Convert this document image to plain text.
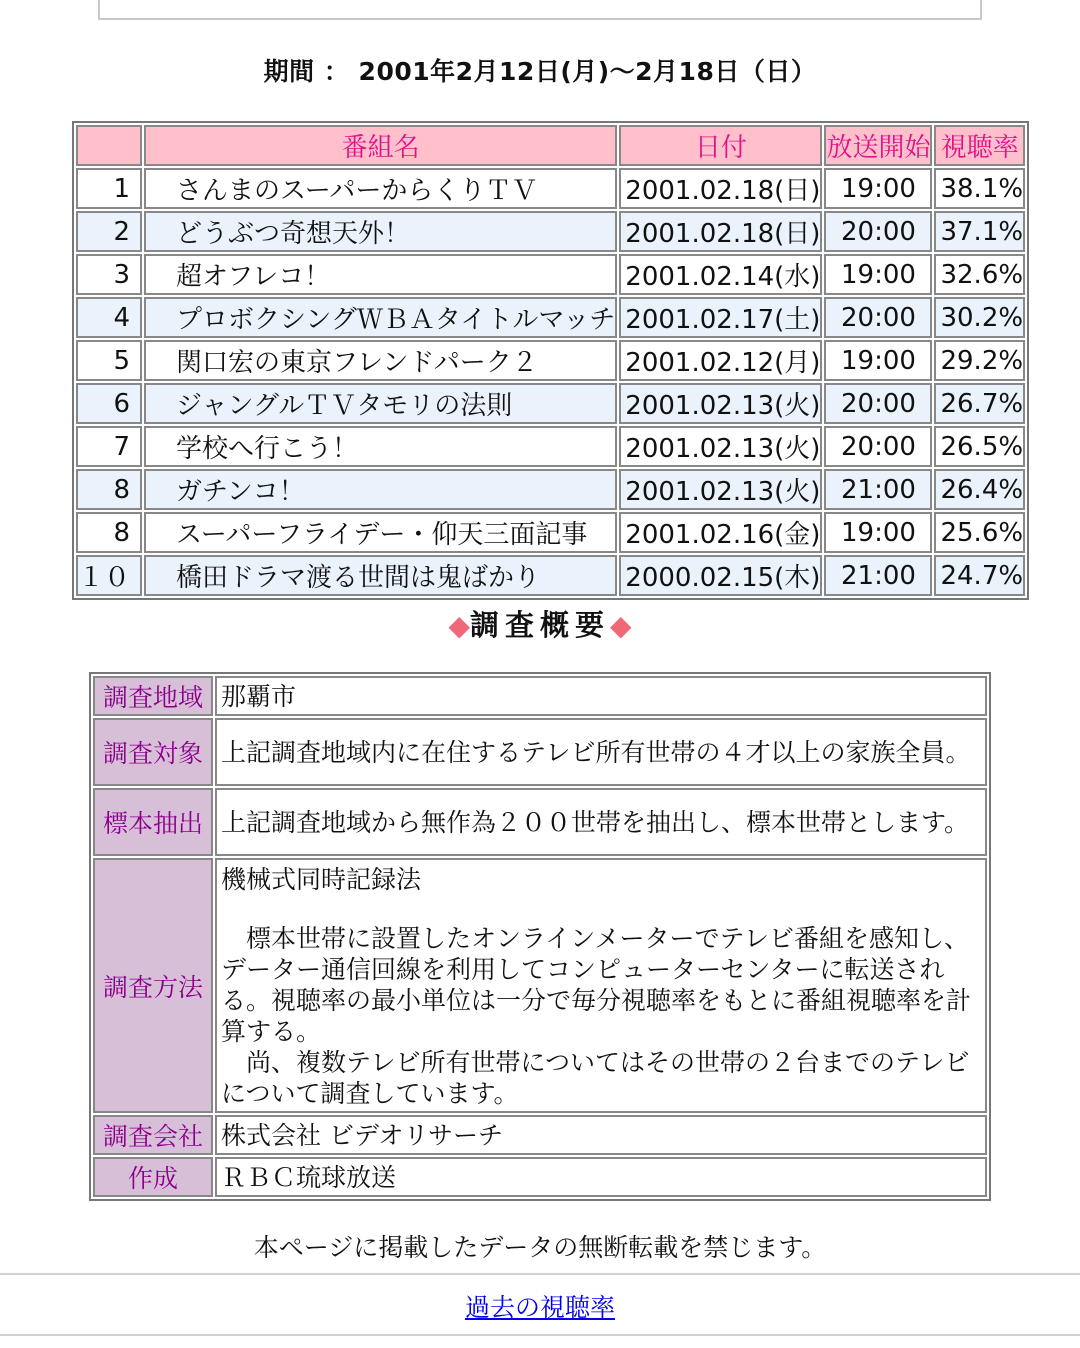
期間 ： 2001年2月12日(月)〜2月18日（日）
	番組名	日付	放送開始	視聴率
1	さんまのスーパーからくりＴＶ	2001.02.18(日)	19:00	38.1%
2	どうぶつ奇想天外！	2001.02.18(日)	20:00	37.1%
3	超オフレコ！	2001.02.14(水)	19:00	32.6%
4	プロボクシングＷＢＡタイトルマッチ	2001.02.17(土)	20:00	30.2%
5	関口宏の東京フレンドパーク２	2001.02.12(月)	19:00	29.2%
6	ジャングルＴＶタモリの法則	2001.02.13(火)	20:00	26.7%
7	学校へ行こう！	2001.02.13(火)	20:00	26.5%
8	ガチンコ！	2001.02.13(火)	21:00	26.4%
8	スーパーフライデー・仰天三面記事	2001.02.16(金)	19:00	25.6%
１０	橋田ドラマ渡る世間は鬼ばかり	2000.02.15(木)	21:00	24.7%
◆調査概要◆
調査地域	那覇市
調査対象	上記調査地域内に在住するテレビ所有世帯の４才以上の家族全員。
標本抽出	上記調査地域から無作為２００世帯を抽出し、標本世帯とします。
調査方法	機械式同時記録法
　標本世帯に設置したオンラインメーターでテレビ番組を感知し、データー通信回線を利用してコンピューターセンターに転送される。視聴率の最小単位は一分で毎分視聴率をもとに番組視聴率を計算する。
　尚、複数テレビ所有世帯についてはその世帯の２台までのテレビについて調査しています。

調査会社	株式会社 ビデオリサーチ
作成	ＲＢＣ琉球放送
本ページに掲載したデータの無断転載を禁じます。
過去の視聴率
